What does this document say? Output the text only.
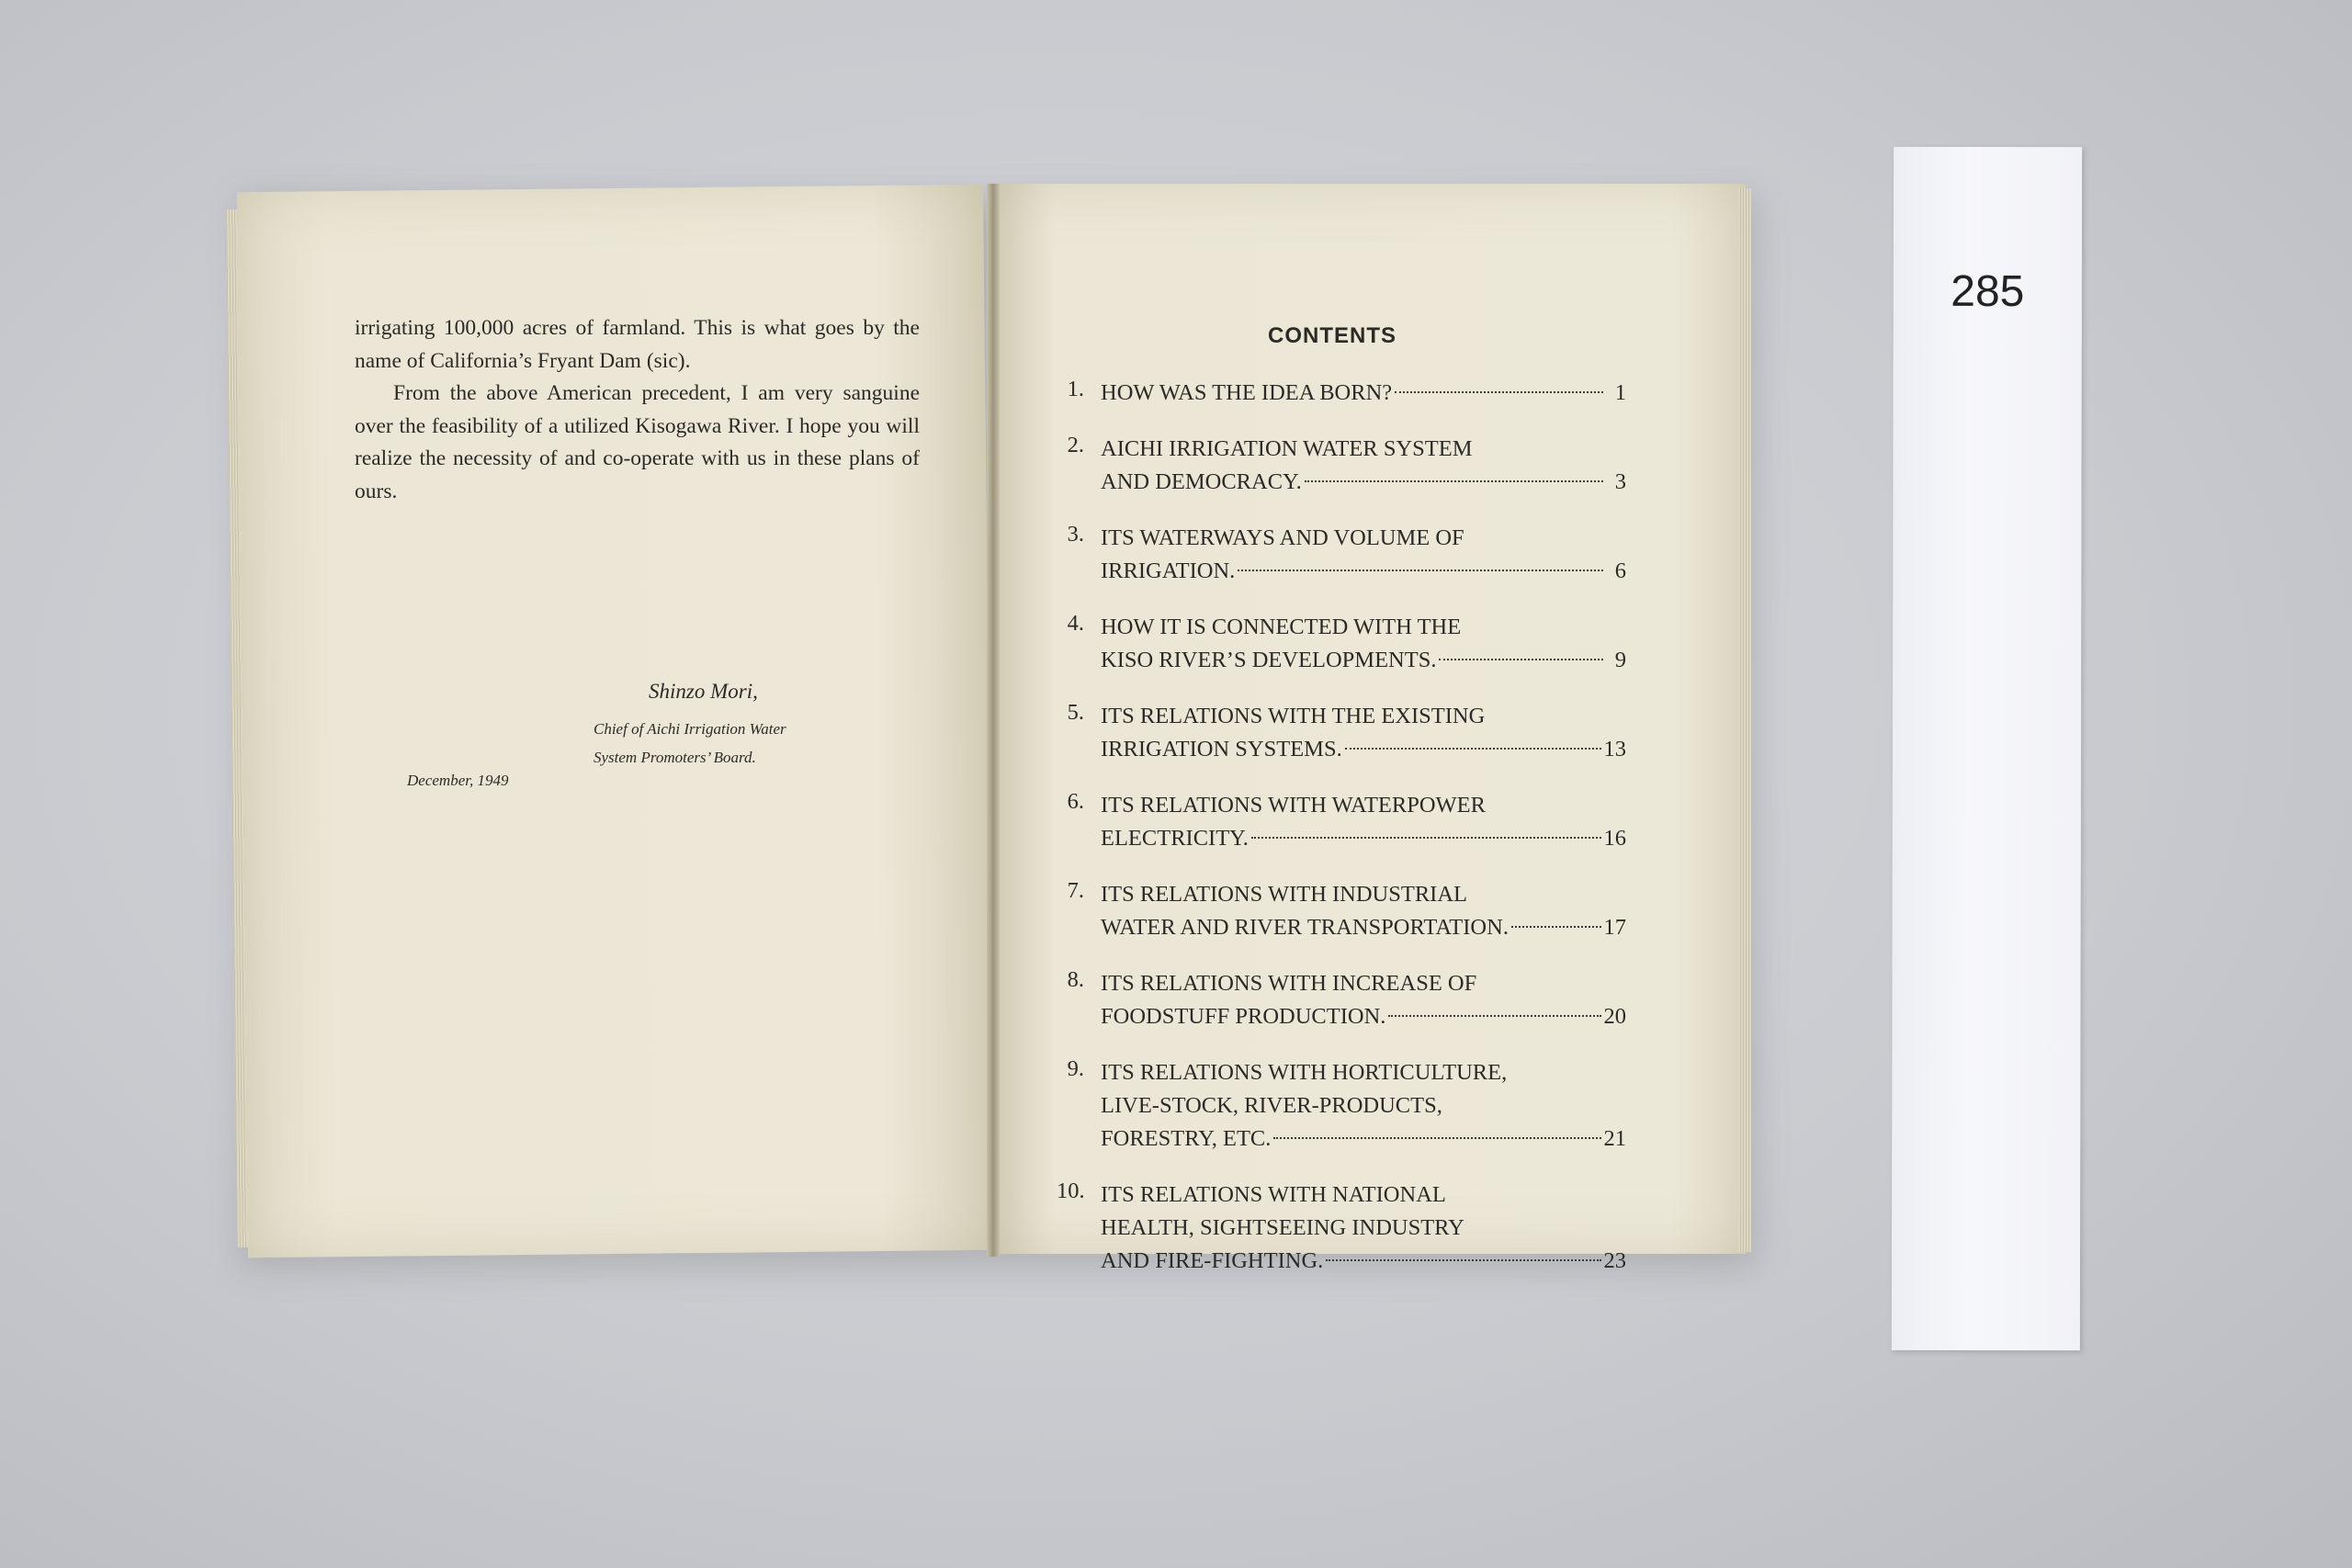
irrigating 100,000 acres of farmland. This is what goes by the name of California’s Fryant Dam (sic).

From the above American precedent, I am very sanguine over the feasibility of a utilized Kisogawa River. I hope you will realize the necessity of and co-operate with us in these plans of ours.

Shinzo Mori,
Chief of Aichi Irrigation Water
System Promoters’ Board.
December, 1949
CONTENTS
1. HOW WAS THE IDEA BORN?	1
2. AICHI IRRIGATION WATER SYSTEM
AND DEMOCRACY.	3
3. ITS WATERWAYS AND VOLUME OF
IRRIGATION.	6
4. HOW IT IS CONNECTED WITH THE
KISO RIVER’S DEVELOPMENTS.	9
5. ITS RELATIONS WITH THE EXISTING
IRRIGATION SYSTEMS.	13
6. ITS RELATIONS WITH WATERPOWER
ELECTRICITY.	16
7. ITS RELATIONS WITH INDUSTRIAL
WATER AND RIVER TRANSPORTATION.	17
8. ITS RELATIONS WITH INCREASE OF
FOODSTUFF PRODUCTION.	20
9. ITS RELATIONS WITH HORTICULTURE,
LIVE-STOCK, RIVER-PRODUCTS,
FORESTRY, ETC.	21
10. ITS RELATIONS WITH NATIONAL
HEALTH, SIGHTSEEING INDUSTRY
AND FIRE-FIGHTING.	23
285
